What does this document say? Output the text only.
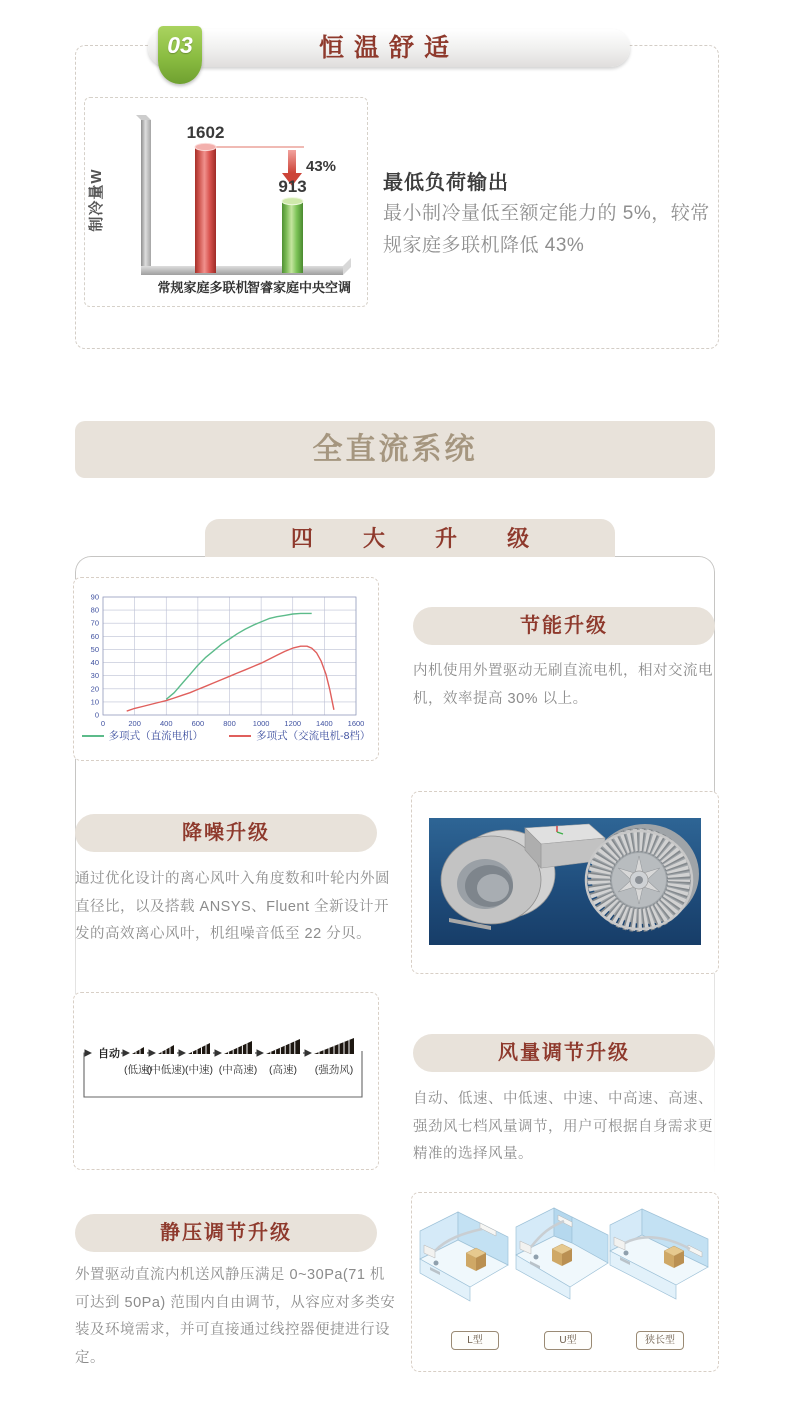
恒温舒适
03
制冷量W
43%
1602
913
常规家庭多联机
智睿家庭中央空调
最低负荷输出
最小制冷量低至额定能力的 5%，较常规家庭多联机降低 43%
全直流系统
四 大 升 级
0	200	400	600	800 1000 1200 1400 1600
0
10
20
30
40
50
60
70
80
90
多项式（直流电机）	多项式（交流电机-8档）
节能升级
内机使用外置驱动无刷直流电机，相对交流电机，效率提高 30% 以上。
降噪升级
通过优化设计的离心风叶入角度数和叶轮内外圆直径比，以及搭载 ANSYS、Fluent 全新设计开发的高效离心风叶，机组噪音低至 22 分贝。
自动
(低速)
(中低速) (中速) (中高速) (高速) (强劲风)
风量调节升级
自动、低速、中低速、中速、中高速、高速、强劲风七档风量调节，用户可根据自身需求更精准的选择风量。
静压调节升级
外置驱动直流内机送风静压满足 0~30Pa(71 机可达到 50Pa) 范围内自由调节，从容应对多类安装及环境需求，并可直接通过线控器便捷进行设定。
L型	U型	狭长型
